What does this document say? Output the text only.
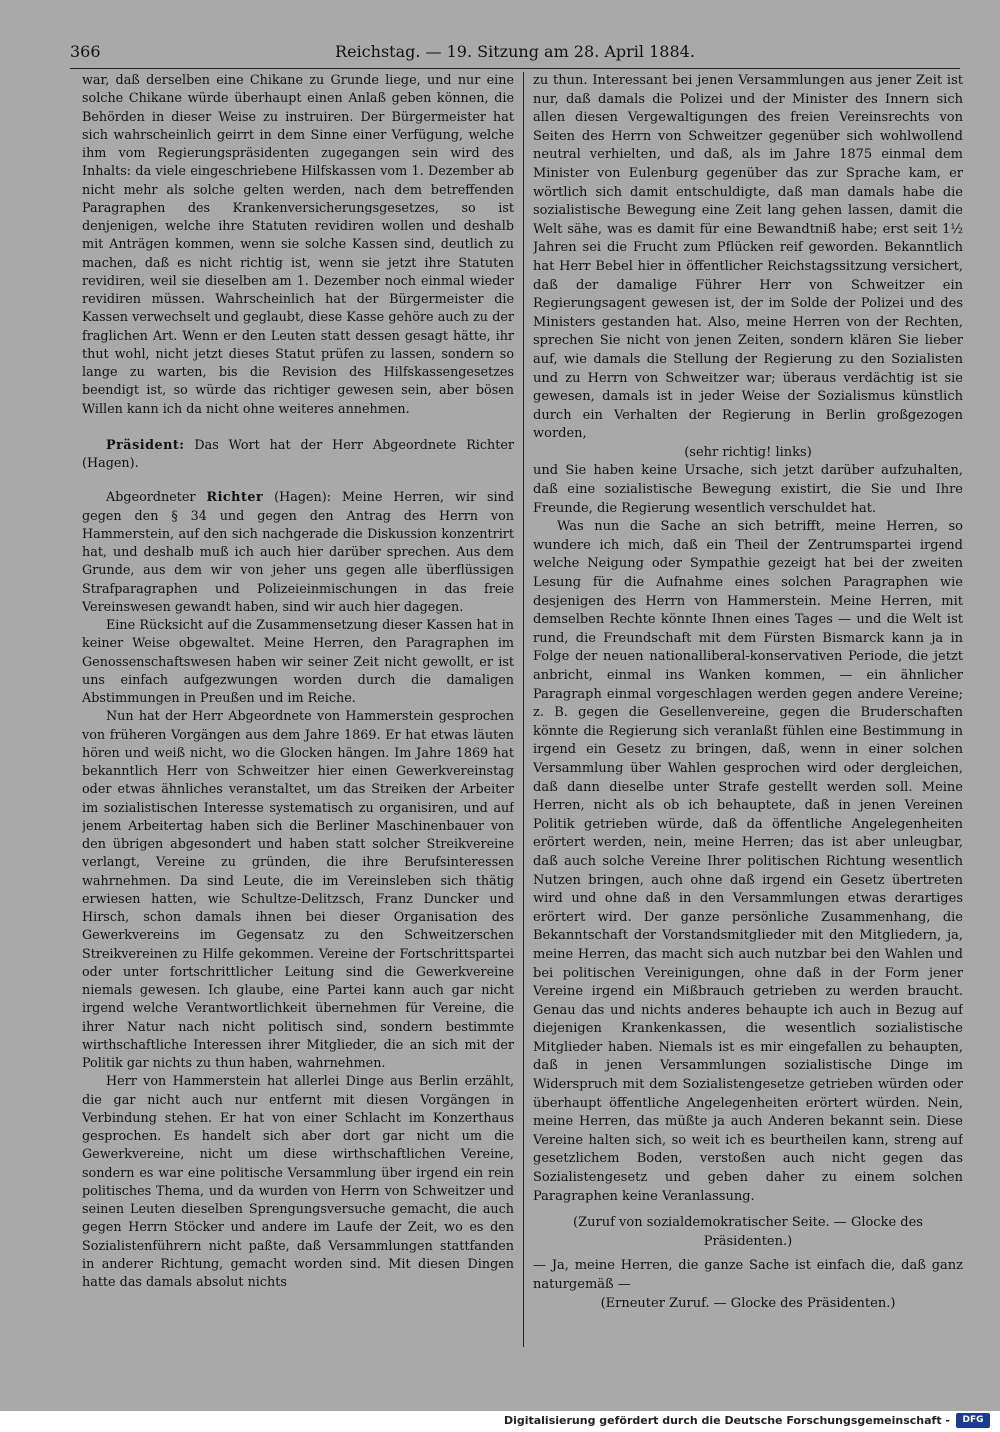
366	Reichstag. — 19. Sitzung am 28. April 1884.

war, daß derselben eine Chikane zu Grunde liege, und nur eine solche Chikane würde überhaupt einen Anlaß geben können, die Behörden in dieser Weise zu instruiren. Der Bürgermeister hat sich wahrscheinlich geirrt in dem Sinne einer Verfügung, welche ihm vom Regierungspräsidenten zugegangen sein wird des Inhalts: da viele eingeschriebene Hilfskassen vom 1. Dezember ab nicht mehr als solche gelten werden, nach dem betreffenden Paragraphen des Krankenversicherungsgesetzes, so ist denjenigen, welche ihre Statuten revidiren wollen und deshalb mit Anträgen kommen, wenn sie solche Kassen sind, deutlich zu machen, daß es nicht richtig ist, wenn sie jetzt ihre Statuten revidiren, weil sie dieselben am 1. Dezember noch einmal wieder revidiren müssen. Wahrscheinlich hat der Bürgermeister die Kassen verwechselt und geglaubt, diese Kasse gehöre auch zu der fraglichen Art. Wenn er den Leuten statt dessen gesagt hätte, ihr thut wohl, nicht jetzt dieses Statut prüfen zu lassen, sondern so lange zu warten, bis die Revision des Hilfskassengesetzes beendigt ist, so würde das richtiger gewesen sein, aber bösen Willen kann ich da nicht ohne weiteres annehmen.

Präsident: Das Wort hat der Herr Abgeordnete Richter (Hagen).

Abgeordneter Richter (Hagen): Meine Herren, wir sind gegen den § 34 und gegen den Antrag des Herrn von Hammerstein, auf den sich nachgerade die Diskussion konzentrirt hat, und deshalb muß ich auch hier darüber sprechen. Aus dem Grunde, aus dem wir von jeher uns gegen alle überflüssigen Strafparagraphen und Polizeieinmischungen in das freie Vereinswesen gewandt haben, sind wir auch hier dagegen.

Eine Rücksicht auf die Zusammensetzung dieser Kassen hat in keiner Weise obgewaltet. Meine Herren, den Paragraphen im Genossenschaftswesen haben wir seiner Zeit nicht gewollt, er ist uns einfach aufgezwungen worden durch die damaligen Abstimmungen in Preußen und im Reiche.

Nun hat der Herr Abgeordnete von Hammerstein gesprochen von früheren Vorgängen aus dem Jahre 1869. Er hat etwas läuten hören und weiß nicht, wo die Glocken hängen. Im Jahre 1869 hat bekanntlich Herr von Schweitzer hier einen Gewerkvereinstag oder etwas ähnliches veranstaltet, um das Streiken der Arbeiter im sozialistischen Interesse systematisch zu organisiren, und auf jenem Arbeitertag haben sich die Berliner Maschinenbauer von den übrigen abgesondert und haben statt solcher Streikvereine verlangt, Vereine zu gründen, die ihre Berufsinteressen wahrnehmen. Da sind Leute, die im Vereinsleben sich thätig erwiesen hatten, wie Schultze-Delitzsch, Franz Duncker und Hirsch, schon damals ihnen bei dieser Organisation des Gewerkvereins im Gegensatz zu den Schweitzerschen Streikvereinen zu Hilfe gekommen. Vereine der Fortschrittspartei oder unter fortschrittlicher Leitung sind die Gewerkvereine niemals gewesen. Ich glaube, eine Partei kann auch gar nicht irgend welche Verantwortlichkeit übernehmen für Vereine, die ihrer Natur nach nicht politisch sind, sondern bestimmte wirthschaftliche Interessen ihrer Mitglieder, die an sich mit der Politik gar nichts zu thun haben, wahrnehmen.

Herr von Hammerstein hat allerlei Dinge aus Berlin erzählt, die gar nicht auch nur entfernt mit diesen Vorgängen in Verbindung stehen. Er hat von einer Schlacht im Konzerthaus gesprochen. Es handelt sich aber dort gar nicht um die Gewerkvereine, nicht um diese wirthschaftlichen Vereine, sondern es war eine politische Versammlung über irgend ein rein politisches Thema, und da wurden von Herrn von Schweitzer und seinen Leuten dieselben Sprengungsversuche gemacht, die auch gegen Herrn Stöcker und andere im Laufe der Zeit, wo es den Sozialistenführern nicht paßte, daß Versammlungen stattfanden in anderer Richtung, gemacht worden sind. Mit diesen Dingen hatte das damals absolut nichts

zu thun. Interessant bei jenen Versammlungen aus jener Zeit ist nur, daß damals die Polizei und der Minister des Innern sich allen diesen Vergewaltigungen des freien Vereinsrechts von Seiten des Herrn von Schweitzer gegenüber sich wohlwollend neutral verhielten, und daß, als im Jahre 1875 einmal dem Minister von Eulenburg gegenüber das zur Sprache kam, er wörtlich sich damit entschuldigte, daß man damals habe die sozialistische Bewegung eine Zeit lang gehen lassen, damit die Welt sähe, was es damit für eine Bewandtniß habe; erst seit 1½ Jahren sei die Frucht zum Pflücken reif geworden. Bekanntlich hat Herr Bebel hier in öffentlicher Reichstagssitzung versichert, daß der damalige Führer Herr von Schweitzer ein Regierungsagent gewesen ist, der im Solde der Polizei und des Ministers gestanden hat. Also, meine Herren von der Rechten, sprechen Sie nicht von jenen Zeiten, sondern klären Sie lieber auf, wie damals die Stellung der Regierung zu den Sozialisten und zu Herrn von Schweitzer war; überaus verdächtig ist sie gewesen, damals ist in jeder Weise der Sozialismus künstlich durch ein Verhalten der Regierung in Berlin großgezogen worden,

(sehr richtig! links)

und Sie haben keine Ursache, sich jetzt darüber aufzuhalten, daß eine sozialistische Bewegung existirt, die Sie und Ihre Freunde, die Regierung wesentlich verschuldet hat.

Was nun die Sache an sich betrifft, meine Herren, so wundere ich mich, daß ein Theil der Zentrumspartei irgend welche Neigung oder Sympathie gezeigt hat bei der zweiten Lesung für die Aufnahme eines solchen Paragraphen wie desjenigen des Herrn von Hammerstein. Meine Herren, mit demselben Rechte könnte Ihnen eines Tages — und die Welt ist rund, die Freundschaft mit dem Fürsten Bismarck kann ja in Folge der neuen nationalliberal-konservativen Periode, die jetzt anbricht, einmal ins Wanken kommen, — ein ähnlicher Paragraph einmal vorgeschlagen werden gegen andere Vereine; z. B. gegen die Gesellenvereine, gegen die Bruderschaften könnte die Regierung sich veranlaßt fühlen eine Bestimmung in irgend ein Gesetz zu bringen, daß, wenn in einer solchen Versammlung über Wahlen gesprochen wird oder dergleichen, daß dann dieselbe unter Strafe gestellt werden soll. Meine Herren, nicht als ob ich behauptete, daß in jenen Vereinen Politik getrieben würde, daß da öffentliche Angelegenheiten erörtert werden, nein, meine Herren; das ist aber unleugbar, daß auch solche Vereine Ihrer politischen Richtung wesentlich Nutzen bringen, auch ohne daß irgend ein Gesetz übertreten wird und ohne daß in den Versammlungen etwas derartiges erörtert wird. Der ganze persönliche Zusammenhang, die Bekanntschaft der Vorstandsmitglieder mit den Mitgliedern, ja, meine Herren, das macht sich auch nutzbar bei den Wahlen und bei politischen Vereinigungen, ohne daß in der Form jener Vereine irgend ein Mißbrauch getrieben zu werden braucht. Genau das und nichts anderes behaupte ich auch in Bezug auf diejenigen Krankenkassen, die wesentlich sozialistische Mitglieder haben. Niemals ist es mir eingefallen zu behaupten, daß in jenen Versammlungen sozialistische Dinge im Widerspruch mit dem Sozialistengesetze getrieben würden oder überhaupt öffentliche Angelegenheiten erörtert würden. Nein, meine Herren, das müßte ja auch Anderen bekannt sein. Diese Vereine halten sich, so weit ich es beurtheilen kann, streng auf gesetzlichem Boden, verstoßen auch nicht gegen das Sozialistengesetz und geben daher zu einem solchen Paragraphen keine Veranlassung.

(Zuruf von sozialdemokratischer Seite. — Glocke des Präsidenten.)

— Ja, meine Herren, die ganze Sache ist einfach die, daß ganz naturgemäß —

(Erneuter Zuruf. — Glocke des Präsidenten.)

Digitalisierung gefördert durch die Deutsche Forschungsgemeinschaft -	DFG
